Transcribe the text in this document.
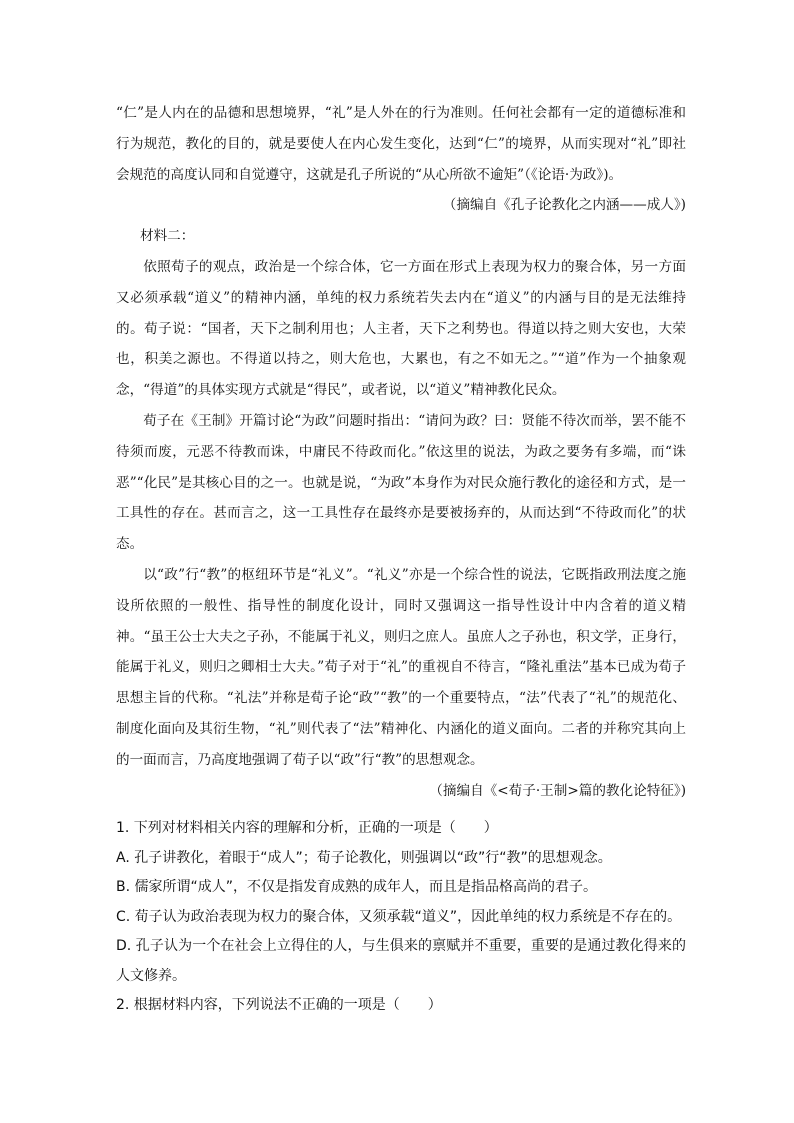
“仁”是人内在的品德和思想境界，“礼”是人外在的行为准则。任何社会都有一定的道德标准和行为规范，教化的目的，就是要使人在内心发生变化，达到“仁”的境界，从而实现对“礼”即社会规范的高度认同和自觉遵守，这就是孔子所说的“从心所欲不逾矩”（《论语·为政》)。

（摘编自《孔子论教化之内涵——成人》)

材料二：

依照荀子的观点，政治是一个综合体，它一方面在形式上表现为权力的聚合体，另一方面又必须承载“道义”的精神内涵，单纯的权力系统若失去内在“道义”的内涵与目的是无法维持的。荀子说：“国者，天下之制利用也；人主者，天下之利势也。得道以持之则大安也，大荣也，积美之源也。不得道以持之，则大危也，大累也，有之不如无之。”“道”作为一个抽象观念，“得道”的具体实现方式就是“得民”，或者说，以“道义”精神教化民众。

荀子在《王制》开篇讨论“为政”问题时指出：“请问为政？曰：贤能不待次而举，罢不能不待须而废，元恶不待教而诛，中庸民不待政而化。”依这里的说法，为政之要务有多端，而“诛恶”“化民”是其核心目的之一。也就是说，“为政”本身作为对民众施行教化的途径和方式，是一工具性的存在。甚而言之，这一工具性存在最终亦是要被扬弃的，从而达到“不待政而化”的状态。

以“政”行“教”的枢纽环节是“礼义”。“礼义”亦是一个综合性的说法，它既指政刑法度之施设所依照的一般性、指导性的制度化设计，同时又强调这一指导性设计中内含着的道义精神。“虽王公士大夫之子孙，不能属于礼义，则归之庶人。虽庶人之子孙也，积文学，正身行，能属于礼义，则归之卿相士大夫。”荀子对于“礼”的重视自不待言，“隆礼重法”基本已成为荀子思想主旨的代称。“礼法”并称是荀子论“政”“教”的一个重要特点，“法”代表了“礼”的规范化、制度化面向及其衍生物，“礼”则代表了“法”精神化、内涵化的道义面向。二者的并称究其向上的一面而言，乃高度地强调了荀子以“政”行“教”的思想观念。

（摘编自《<荀子·王制>篇的教化论特征》)

1. 下列对材料相关内容的理解和分析，正确的一项是（　　）

A. 孔子讲教化，着眼于“成人”；荀子论教化，则强调以“政”行“教”的思想观念。

B. 儒家所谓“成人”，不仅是指发育成熟的成年人，而且是指品格高尚的君子。

C. 荀子认为政治表现为权力的聚合体，又须承载“道义”，因此单纯的权力系统是不存在的。

D. 孔子认为一个在社会上立得住的人，与生俱来的禀赋并不重要，重要的是通过教化得来的人文修养。

2. 根据材料内容，下列说法不正确的一项是（　　）
